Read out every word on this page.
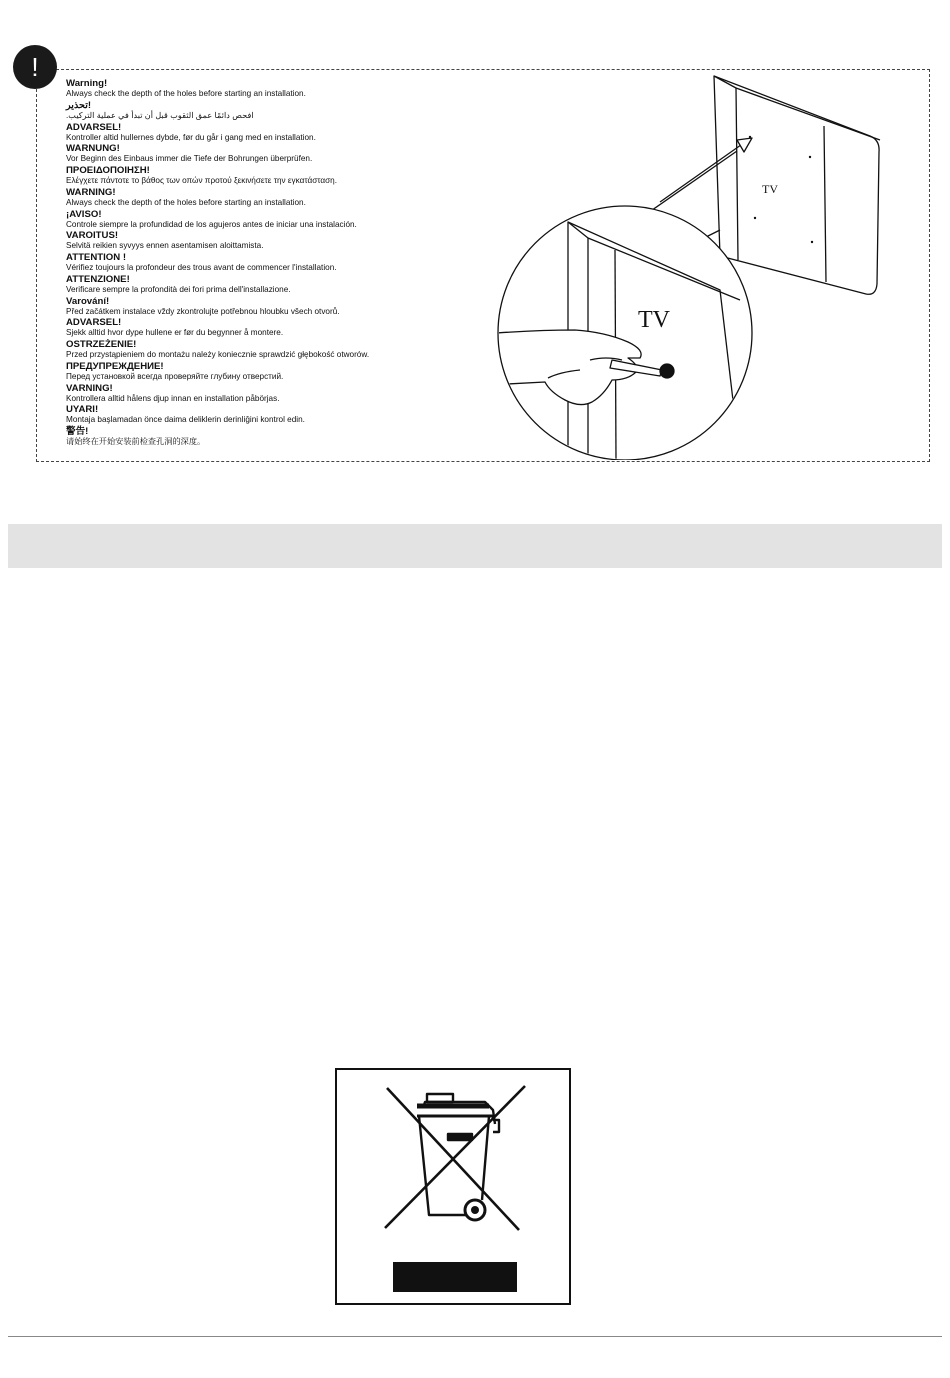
!
Warning!
Always check the depth of the holes before starting an installation.
!تحذير
افحص دائمًا عمق الثقوب قبل أن تبدأ في عملية التركيب.
ADVARSEL!
Kontroller altid hullernes dybde, før du går i gang med en installation.
WARNUNG!
Vor Beginn des Einbaus immer die Tiefe der Bohrungen überprüfen.
ΠΡΟΕΙΔΟΠΟΙΗΣΗ!
Ελέγχετε πάντοτε το βάθος των οπών προτού ξεκινήσετε την εγκατάσταση.
WARNING!
Always check the depth of the holes before starting an installation.
¡AVISO!
Controle siempre la profundidad de los agujeros antes de iniciar una instalación.
VAROITUS!
Selvitä reikien syvyys ennen asentamisen aloittamista.
ATTENTION !
Vérifiez toujours la profondeur des trous avant de commencer l'installation.
ATTENZIONE!
Verificare sempre la profondità dei fori prima dell'installazione.
Varování!
Před začátkem instalace vždy zkontrolujte potřebnou hloubku všech otvorů.
ADVARSEL!
Sjekk alltid hvor dype hullene er før du begynner å montere.
OSTRZEŻENIE!
Przed przystąpieniem do montażu należy koniecznie sprawdzić głębokość otworów.
ПРЕДУПРЕЖДЕНИЕ!
Перед установкой всегда проверяйте глубину отверстий.
VARNING!
Kontrollera alltid hålens djup innan en installation påbörjas.
UYARI!
Montaja başlamadan önce daima deliklerin derinliğini kontrol edin.
警告!
请始终在开始安装前检查孔洞的深度。
TV
TV
